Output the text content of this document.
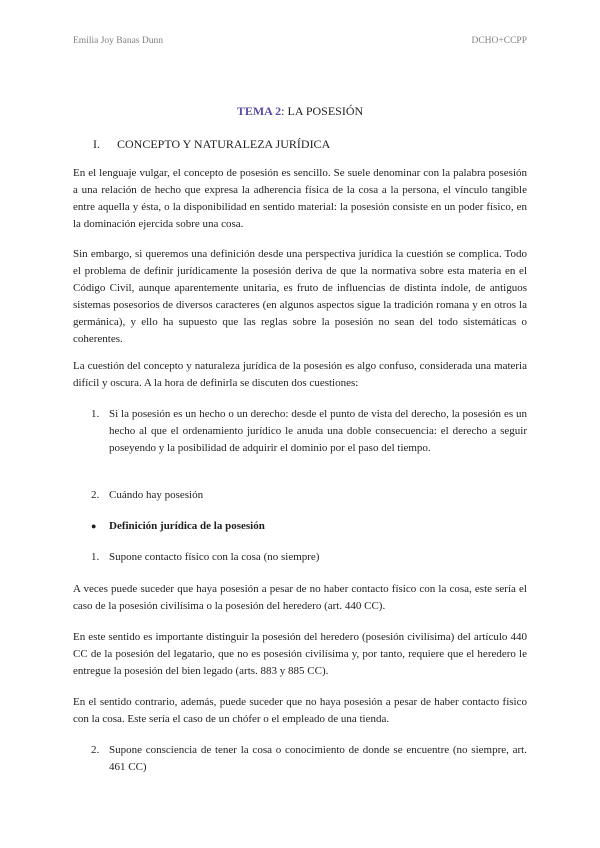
Emilia Joy Banas Dunn	DCHO+CCPP
TEMA 2: LA POSESIÓN
I. CONCEPTO Y NATURALEZA JURÍDICA

En el lenguaje vulgar, el concepto de posesión es sencillo. Se suele denominar con la palabra posesión a una relación de hecho que expresa la adherencia física de la cosa a la persona, el vínculo tangible entre aquella y ésta, o la disponibilidad en sentido material: la posesión consiste en un poder físico, en la dominación ejercida sobre una cosa.

Sin embargo, si queremos una definición desde una perspectiva jurídica la cuestión se complica. Todo el problema de definir jurídicamente la posesión deriva de que la normativa sobre esta materia en el Código Civil, aunque aparentemente unitaria, es fruto de influencias de distinta índole, de antiguos sistemas posesorios de diversos caracteres (en algunos aspectos sigue la tradición romana y en otros la germánica), y ello ha supuesto que las reglas sobre la posesión no sean del todo sistemáticas o coherentes.

La cuestión del concepto y naturaleza jurídica de la posesión es algo confuso, considerada una materia difícil y oscura. A la hora de definirla se discuten dos cuestiones:

1. Si la posesión es un hecho o un derecho: desde el punto de vista del derecho, la posesión es un hecho al que el ordenamiento jurídico le anuda una doble consecuencia: el derecho a seguir poseyendo y la posibilidad de adquirir el dominio por el paso del tiempo.
2. Cuándo hay posesión
● Definición jurídica de la posesión
1. Supone contacto físico con la cosa (no siempre)

A veces puede suceder que haya posesión a pesar de no haber contacto físico con la cosa, este sería el caso de la posesión civilísima o la posesión del heredero (art. 440 CC).

En este sentido es importante distinguir la posesión del heredero (posesión civilísima) del artículo 440 CC de la posesión del legatario, que no es posesión civilísima y, por tanto, requiere que el heredero le entregue la posesión del bien legado (arts. 883 y 885 CC).

En el sentido contrario, además, puede suceder que no haya posesión a pesar de haber contacto físico con la cosa. Este sería el caso de un chófer o el empleado de una tienda.

2. Supone consciencia de tener la cosa o conocimiento de donde se encuentre (no siempre, art. 461 CC)
